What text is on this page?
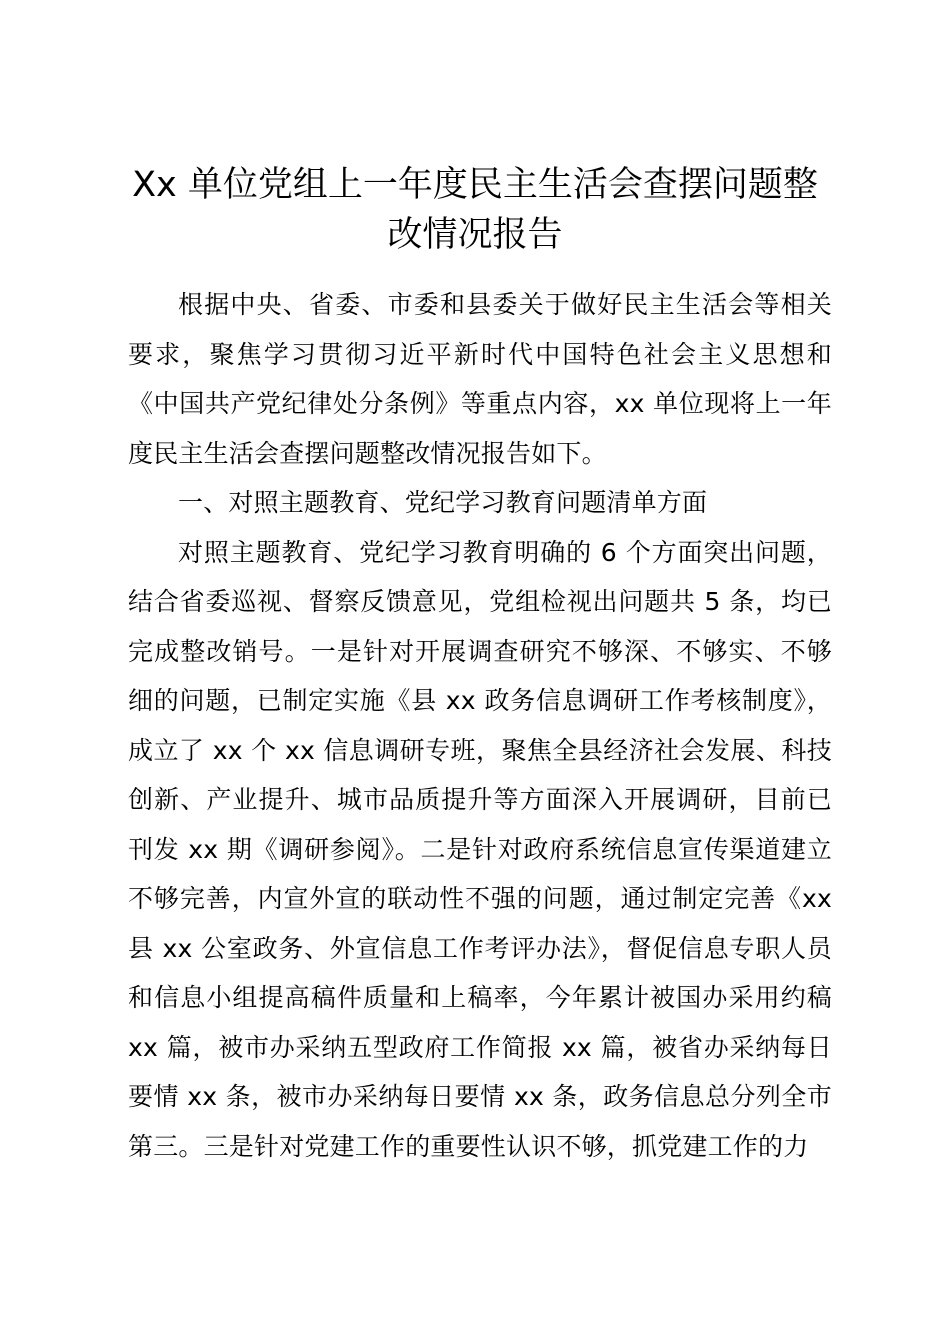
Xx 单位党组上一年度民主生活会查摆问题整改情况报告

根据中央、省委、市委和县委关于做好民主生活会等相关要求，聚焦学习贯彻习近平新时代中国特色社会主义思想和《中国共产党纪律处分条例》等重点内容，xx 单位现将上一年度民主生活会查摆问题整改情况报告如下。

一、对照主题教育、党纪学习教育问题清单方面

对照主题教育、党纪学习教育明确的 6 个方面突出问题，结合省委巡视、督察反馈意见，党组检视出问题共 5 条，均已完成整改销号。一是针对开展调查研究不够深、不够实、不够细的问题，已制定实施《县 xx 政务信息调研工作考核制度》，成立了 xx 个 xx 信息调研专班，聚焦全县经济社会发展、科技创新、产业提升、城市品质提升等方面深入开展调研，目前已刊发 xx 期《调研参阅》。二是针对政府系统信息宣传渠道建立不够完善，内宣外宣的联动性不强的问题，通过制定完善《xx 县 xx 公室政务、外宣信息工作考评办法》，督促信息专职人员和信息小组提高稿件质量和上稿率，今年累计被国办采用约稿 xx 篇，被市办采纳五型政府工作简报 xx 篇，被省办采纳每日要情 xx 条，被市办采纳每日要情 xx 条，政务信息总分列全市第三。三是针对党建工作的重要性认识不够，抓党建工作的力
